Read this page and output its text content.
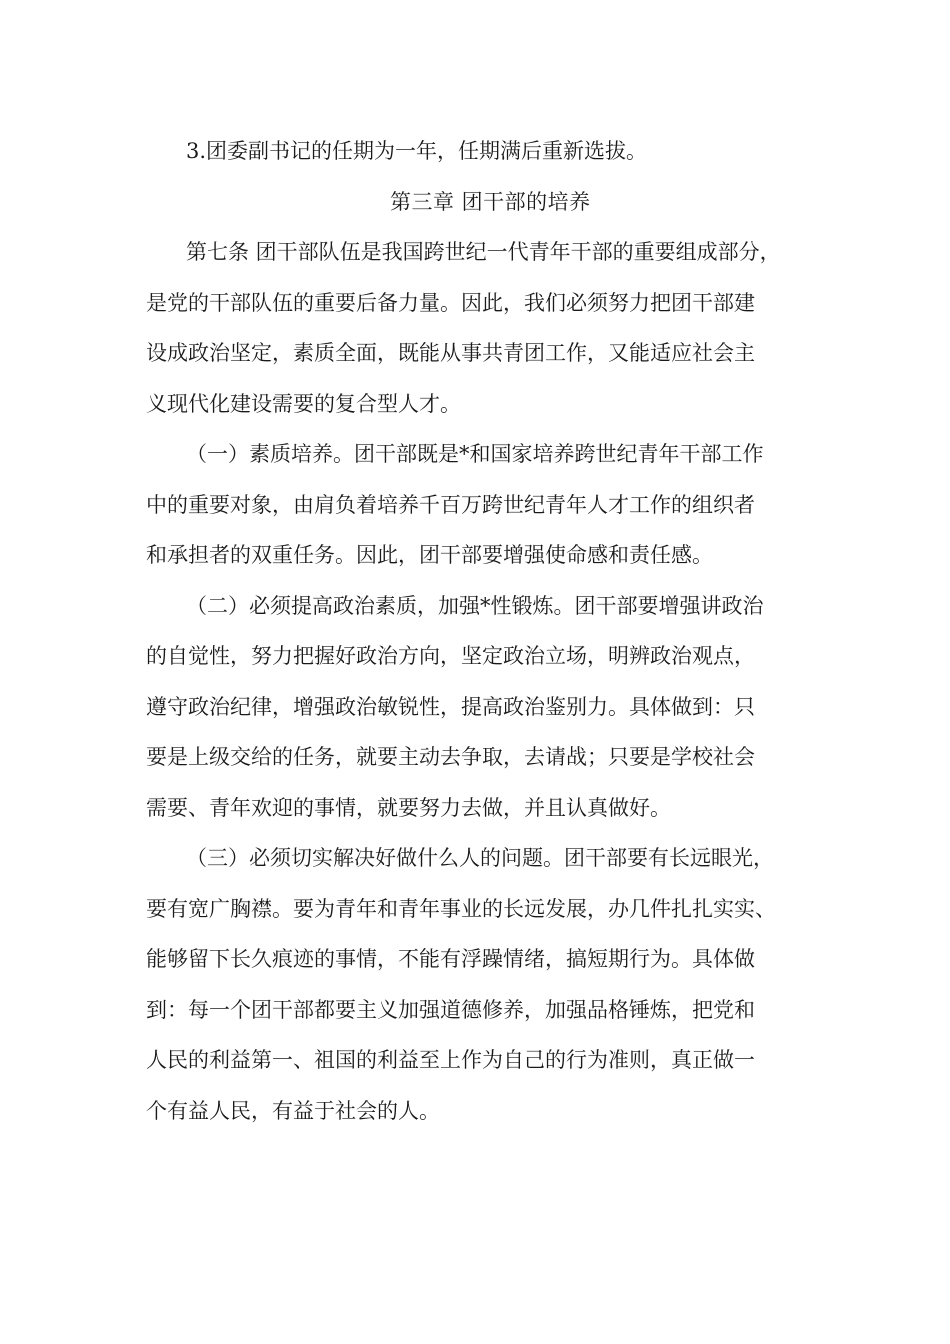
3.团委副书记的任期为一年，任期满后重新选拔。
第三章 团干部的培养
第七条 团干部队伍是我国跨世纪一代青年干部的重要组成部分，
是党的干部队伍的重要后备力量。因此，我们必须努力把团干部建
设成政治坚定，素质全面，既能从事共青团工作，又能适应社会主
义现代化建设需要的复合型人才。
（一）素质培养。团干部既是*和国家培养跨世纪青年干部工作
中的重要对象，由肩负着培养千百万跨世纪青年人才工作的组织者
和承担者的双重任务。因此，团干部要增强使命感和责任感。
（二）必须提高政治素质，加强*性锻炼。团干部要增强讲政治
的自觉性，努力把握好政治方向，坚定政治立场，明辨政治观点，
遵守政治纪律，增强政治敏锐性，提高政治鉴别力。具体做到：只
要是上级交给的任务，就要主动去争取，去请战；只要是学校社会
需要、青年欢迎的事情，就要努力去做，并且认真做好。
（三）必须切实解决好做什么人的问题。团干部要有长远眼光，
要有宽广胸襟。要为青年和青年事业的长远发展，办几件扎扎实实、
能够留下长久痕迹的事情，不能有浮躁情绪，搞短期行为。具体做
到：每一个团干部都要主义加强道德修养，加强品格锤炼，把党和
人民的利益第一、祖国的利益至上作为自己的行为准则，真正做一
个有益人民，有益于社会的人。
